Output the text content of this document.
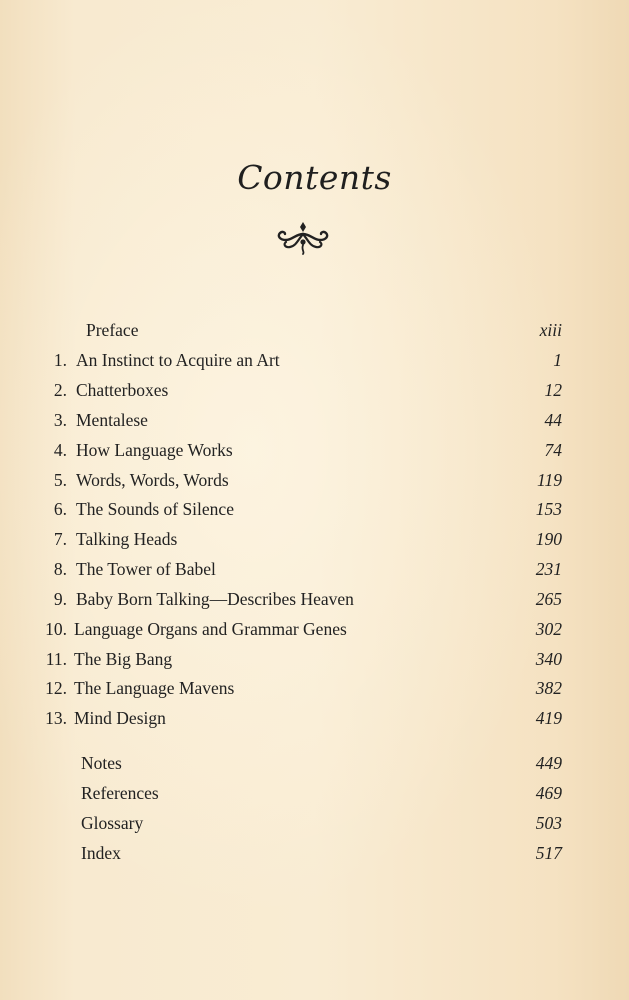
Contents
Preface	xiii
1. An Instinct to Acquire an Art	1
2. Chatterboxes	12
3. Mentalese	44
4. How Language Works	74
5. Words, Words, Words	119
6. The Sounds of Silence	153
7. Talking Heads	190
8. The Tower of Babel	231
9. Baby Born Talking—Describes Heaven	265
10. Language Organs and Grammar Genes	302
11. The Big Bang	340
12. The Language Mavens	382
13. Mind Design	419
Notes	449
References	469
Glossary	503
Index	517
